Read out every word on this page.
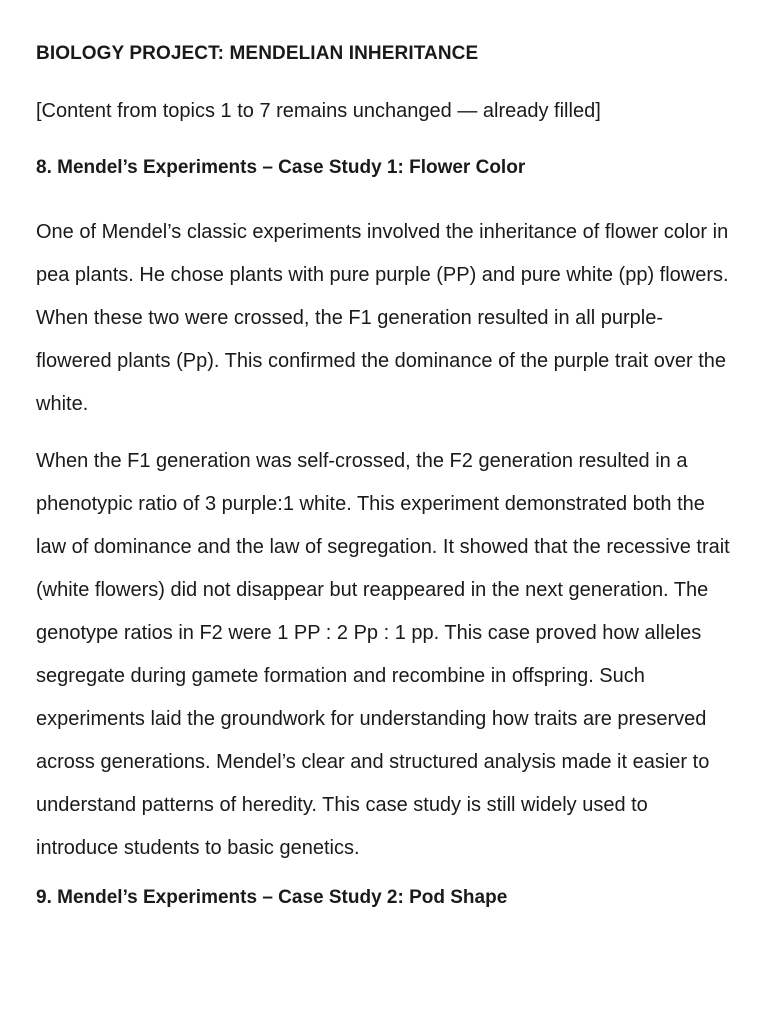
BIOLOGY PROJECT: MENDELIAN INHERITANCE

[Content from topics 1 to 7 remains unchanged — already filled]

8. Mendel’s Experiments – Case Study 1: Flower Color

One of Mendel’s classic experiments involved the inheritance of flower color in pea plants. He chose plants with pure purple (PP) and pure white (pp) flowers. When these two were crossed, the F1 generation resulted in all purple-flowered plants (Pp). This confirmed the dominance of the purple trait over the white.

When the F1 generation was self-crossed, the F2 generation resulted in a phenotypic ratio of 3 purple:1 white. This experiment demonstrated both the law of dominance and the law of segregation. It showed that the recessive trait (white flowers) did not disappear but reappeared in the next generation. The genotype ratios in F2 were 1 PP : 2 Pp : 1 pp. This case proved how alleles segregate during gamete formation and recombine in offspring. Such experiments laid the groundwork for understanding how traits are preserved across generations. Mendel’s clear and structured analysis made it easier to understand patterns of heredity. This case study is still widely used to introduce students to basic genetics.

9. Mendel’s Experiments – Case Study 2: Pod Shape
